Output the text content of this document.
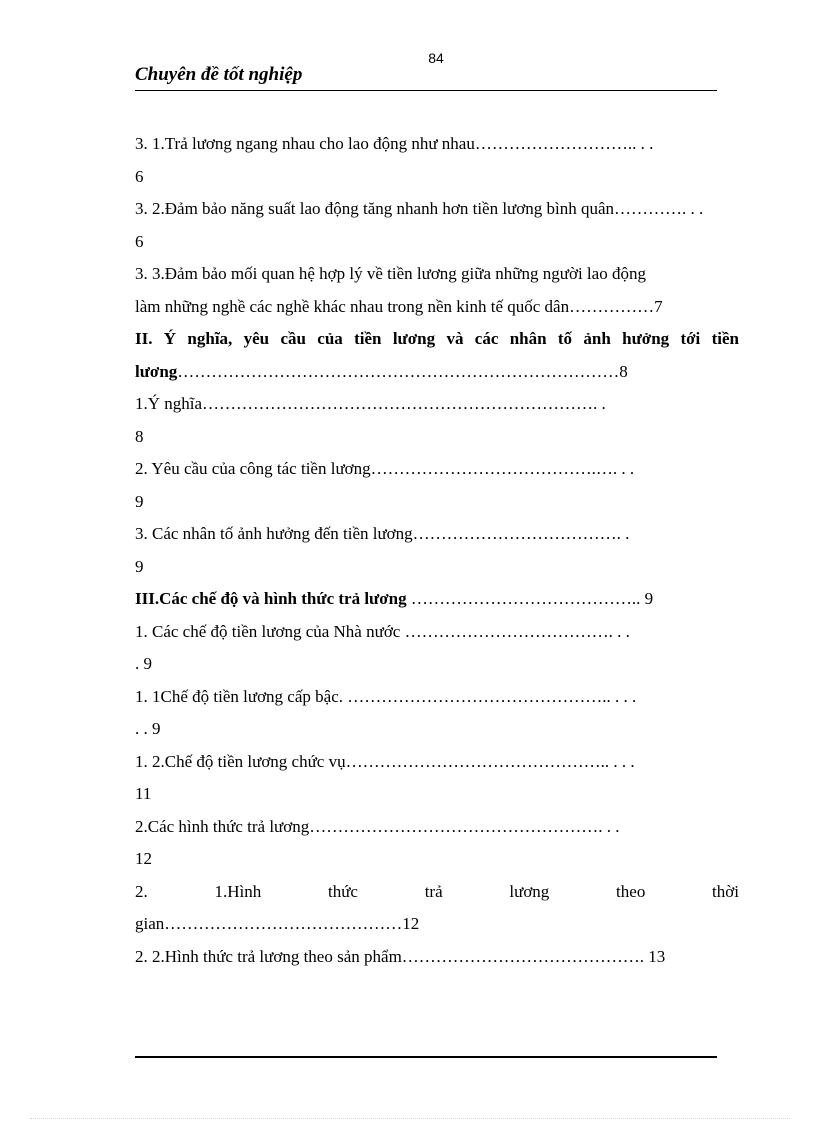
84
Chuyên đề tốt nghiệp
3. 1.Trả lương ngang nhau cho lao động như nhau……………………….. . .
6
3. 2.Đảm bảo năng suất lao động tăng nhanh hơn tiền lương bình quân…………. . .
6
3. 3.Đảm bảo mối quan hệ hợp lý về tiền lương giữa những người lao động
làm những nghề các nghề khác nhau trong nền kinh tế quốc dân……………7
II. Ý nghĩa, yêu cầu của tiền lương và các nhân tố ảnh hưởng tới tiền
lương……………………………………………………………………8
1.Ý nghĩa……………………………………………………………. .
8
2. Yêu cầu của công tác tiền lương………………………………….…. . .
9
3. Các nhân tố ảnh hưởng đến tiền lương………………………………. .
9
III.Các chế độ và hình thức trả lương ………………………………….. 9
1. Các chế độ tiền lương của Nhà nước ………………………………. . .
. 9
1. 1Chế độ tiền lương cấp bậc. ……………………………………….. . . .
. . 9
1. 2.Chế độ tiền lương chức vụ……………………………………….. . . .
11
2.Các hình thức trả lương……………………………………………. . .
12
2. 1.Hình thức trả lương theo thời
gian……………………………………12
2. 2.Hình thức trả lương theo sản phẩm……………………………………. 13
